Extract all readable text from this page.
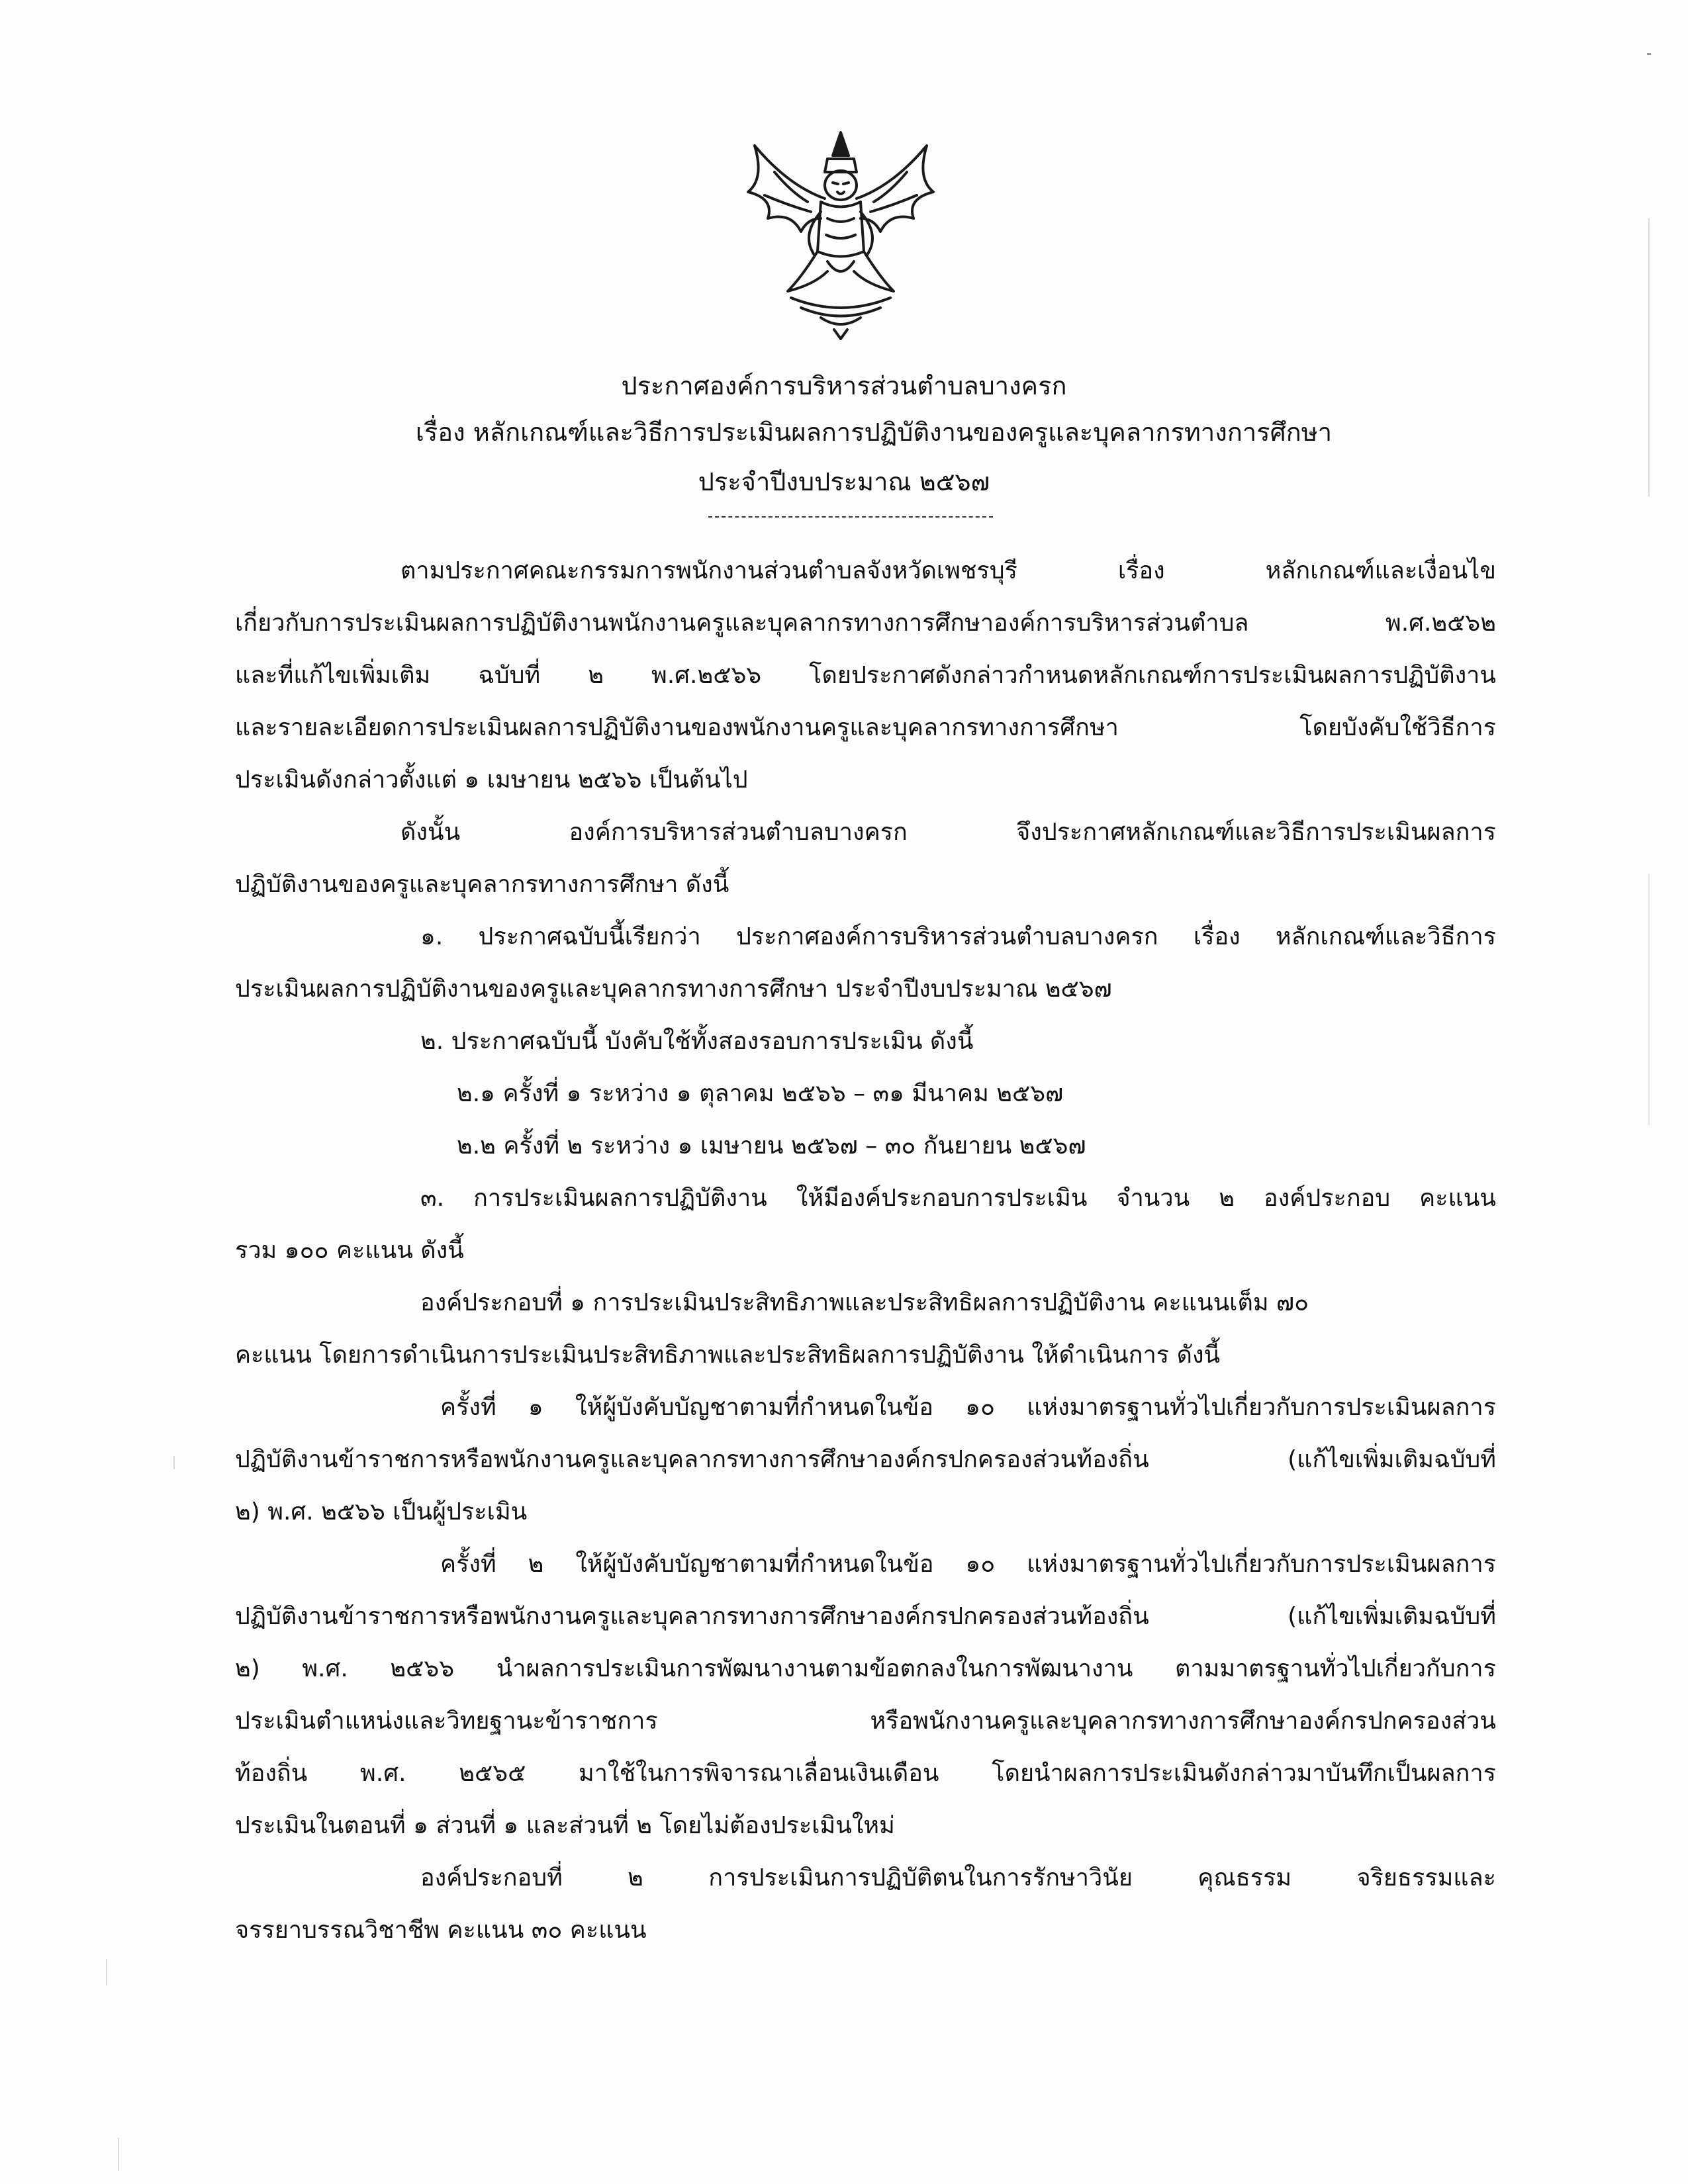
ประกาศองค์การบริหารส่วนตำบลบางครก
เรื่อง หลักเกณฑ์และวิธีการประเมินผลการปฏิบัติงานของครูและบุคลากรทางการศึกษา
ประจำปีงบประมาณ ๒๕๖๗
ตามประกาศคณะกรรมการพนักงานส่วนตำบลจังหวัดเพชรบุรี เรื่อง หลักเกณฑ์และเงื่อนไข
เกี่ยวกับการประเมินผลการปฏิบัติงานพนักงานครูและบุคลากรทางการศึกษาองค์การบริหารส่วนตำบล พ.ศ.๒๕๖๒
และที่แก้ไขเพิ่มเติม ฉบับที่ ๒ พ.ศ.๒๕๖๖ โดยประกาศดังกล่าวกำหนดหลักเกณฑ์การประเมินผลการปฏิบัติงาน
และรายละเอียดการประเมินผลการปฏิบัติงานของพนักงานครูและบุคลากรทางการศึกษา โดยบังคับใช้วิธีการ
ประเมินดังกล่าวตั้งแต่ ๑ เมษายน ๒๕๖๖ เป็นต้นไป
ดังนั้น องค์การบริหารส่วนตำบลบางครก จึงประกาศหลักเกณฑ์และวิธีการประเมินผลการ
ปฏิบัติงานของครูและบุคลากรทางการศึกษา ดังนี้
๑. ประกาศฉบับนี้เรียกว่า ประกาศองค์การบริหารส่วนตำบลบางครก เรื่อง หลักเกณฑ์และวิธีการ
ประเมินผลการปฏิบัติงานของครูและบุคลากรทางการศึกษา ประจำปีงบประมาณ ๒๕๖๗
๒. ประกาศฉบับนี้ บังคับใช้ทั้งสองรอบการประเมิน ดังนี้
๒.๑ ครั้งที่ ๑ ระหว่าง ๑ ตุลาคม ๒๕๖๖ – ๓๑ มีนาคม ๒๕๖๗
๒.๒ ครั้งที่ ๒ ระหว่าง ๑ เมษายน ๒๕๖๗ – ๓๐ กันยายน ๒๕๖๗
๓. การประเมินผลการปฏิบัติงาน ให้มีองค์ประกอบการประเมิน จำนวน ๒ องค์ประกอบ คะแนน
รวม ๑๐๐ คะแนน ดังนี้
องค์ประกอบที่ ๑ การประเมินประสิทธิภาพและประสิทธิผลการปฏิบัติงาน คะแนนเต็ม ๗๐
คะแนน โดยการดำเนินการประเมินประสิทธิภาพและประสิทธิผลการปฏิบัติงาน ให้ดำเนินการ ดังนี้
ครั้งที่ ๑ ให้ผู้บังคับบัญชาตามที่กำหนดในข้อ ๑๐ แห่งมาตรฐานทั่วไปเกี่ยวกับการประเมินผลการ
ปฏิบัติงานข้าราชการหรือพนักงานครูและบุคลากรทางการศึกษาองค์กรปกครองส่วนท้องถิ่น (แก้ไขเพิ่มเติมฉบับที่
๒) พ.ศ. ๒๕๖๖ เป็นผู้ประเมิน
ครั้งที่ ๒ ให้ผู้บังคับบัญชาตามที่กำหนดในข้อ ๑๐ แห่งมาตรฐานทั่วไปเกี่ยวกับการประเมินผลการ
ปฏิบัติงานข้าราชการหรือพนักงานครูและบุคลากรทางการศึกษาองค์กรปกครองส่วนท้องถิ่น (แก้ไขเพิ่มเติมฉบับที่
๒) พ.ศ. ๒๕๖๖ นำผลการประเมินการพัฒนางานตามข้อตกลงในการพัฒนางาน ตามมาตรฐานทั่วไปเกี่ยวกับการ
ประเมินตำแหน่งและวิทยฐานะข้าราชการ หรือพนักงานครูและบุคลากรทางการศึกษาองค์กรปกครองส่วน
ท้องถิ่น พ.ศ. ๒๕๖๕ มาใช้ในการพิจารณาเลื่อนเงินเดือน โดยนำผลการประเมินดังกล่าวมาบันทึกเป็นผลการ
ประเมินในตอนที่ ๑ ส่วนที่ ๑ และส่วนที่ ๒ โดยไม่ต้องประเมินใหม่
องค์ประกอบที่ ๒ การประเมินการปฏิบัติตนในการรักษาวินัย คุณธรรม จริยธรรมและ
จรรยาบรรณวิชาชีพ คะแนน ๓๐ คะแนน
